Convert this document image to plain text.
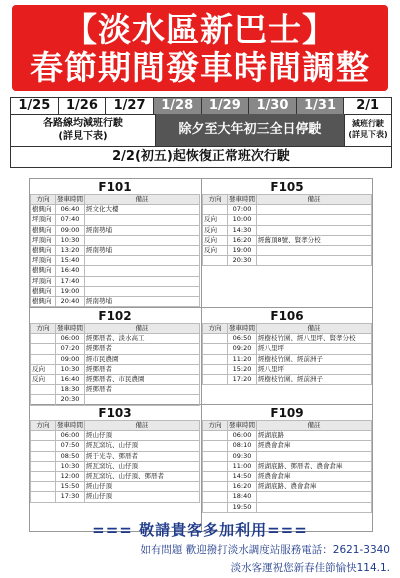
【淡水區新巴士】
春節期間發車時間調整
1/25	1/26	1/27	1/28	1/29	1/30	1/31	2/1
各路線均減班行駛
(詳見下表)	除夕至大年初三全日停駛	減班行駛
(詳見下表)
2/2(初五)起恢復正常班次行駛
F101
方向	發車時間	備註
樹興向	06:40	經文化大樓
坪頂向	07:40	
樹興向	09:00	經南勢埔
坪頂向	10:30	
樹興向	13:20	經南勢埔
坪頂向	15:40	
樹興向	16:40	
坪頂向	17:40	
樹興向	19:00	
樹興向	20:40	經南勢埔
F105
方向	發車時間	備註
	07:00	
反向	10:00	
反向	14:30	
反向	16:20	經舊頂8號、賢孝分校
反向	19:00	
	20:30	
F102
方向	發車時間	備註
	06:00	經鄧厝者、淡水高工
	07:20	經鄧厝者
	09:00	經市民農園
反向	10:30	經鄧厝者
反向	16:40	經鄧厝者、市民農園
	18:30	經鄧厝者
	20:30	
F106
方向	發車時間	備註
	06:50	經樹枝竹圍、經八里坪、賢孝分校
	09:20	經八里坪
	11:20	經樹枝竹圍、經前洲子
	15:20	經八里坪
	17:20	經樹枝竹圍、經前洲子
F103
方向	發車時間	備註
	06:00	經山仔頂
	07:50	經瓦窯坑、山仔頂
	08:50	經于光寺、鄧厝者
	10:30	經瓦窯坑、山仔頂
	12:00	經瓦窯坑、山仔頂、鄧厝者
	15:50	經山仔頂
	17:30	經山仔頂
F109
方向	發車時間	備註
	06:00	經湖底路
	08:10	經農會倉庫
	09:30	
	11:00	經湖底路、鄧厝者、農會倉庫
	14:50	經農會倉庫
	16:20	經湖底路、農會倉庫
	18:40	
	19:50	
=== 敬請貴客多加利用===
如有問題 歡迎撥打淡水調度站服務電話：2621-3340
淡水客運祝您新春佳節愉快114.1.
